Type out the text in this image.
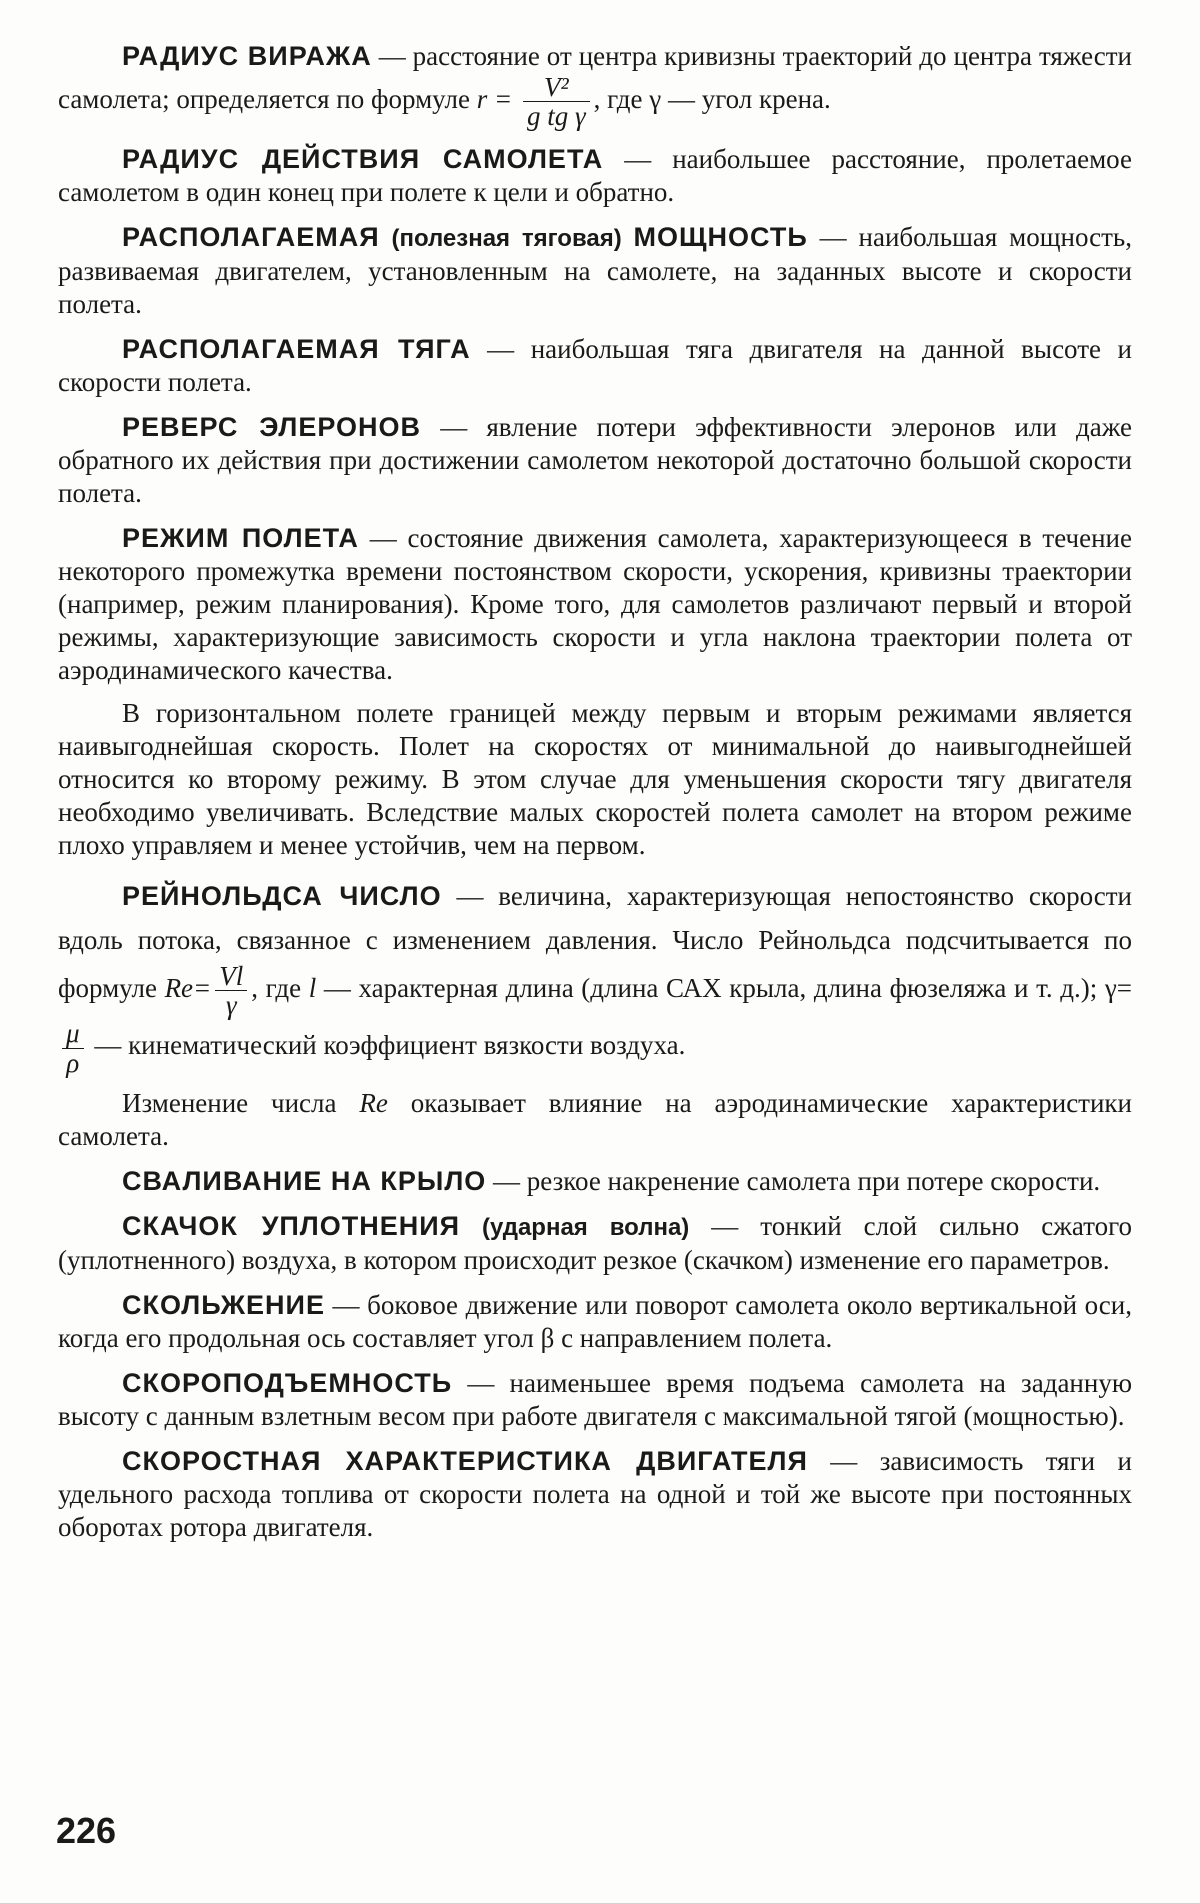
РАДИУС ВИРАЖА — расстояние от центра кривизны траекторий до центра тяжести самолета; определяется по формуле $r = \frac{\text{V²}}{\text{g tg γ}}$ , где γ — угол крена.

РАДИУС ДЕЙСТВИЯ САМОЛЕТА — наибольшее расстояние, пролетаемое самолетом в один конец при полете к цели и обратно.

РАСПОЛАГАЕМАЯ (полезная тяговая) МОЩНОСТЬ — наибольшая мощность, развиваемая двигателем, установленным на самолете, на заданных высоте и скорости полета.

РАСПОЛАГАЕМАЯ ТЯГА — наибольшая тяга двигателя на данной высоте и скорости полета.

РЕВЕРС ЭЛЕРОНОВ — явление потери эффективности элеронов или даже обратного их действия при достижении самолетом некоторой достаточно большой скорости полета.

РЕЖИМ ПОЛЕТА — состояние движения самолета, характеризующееся в течение некоторого промежутка времени постоянством скорости, ускорения, кривизны траектории (например, режим планирования). Кроме того, для самолетов различают первый и второй режимы, характеризующие зависимость скорости и угла наклона траектории полета от аэродинамического качества.

В горизонтальном полете границей между первым и вторым режимами является наивыгоднейшая скорость. Полет на скоростях от минимальной до наивыгоднейшей относится ко второму режиму. В этом случае для уменьшения скорости тягу двигателя необходимо увеличивать. Вследствие малых скоростей полета самолет на втором режиме плохо управляем и менее устойчив, чем на первом.

РЕЙНОЛЬДСА ЧИСЛО — величина, характеризующая непостоянство скорости вдоль потока, связанное с изменением давления. Число Рейнольдса подсчитывается по формуле $Re= \frac{Vl}{\gamma}$ , где l — характерная длина (длина САХ крыла, длина фюзеляжа и т. д.); γ=
$\frac{\mu}{\rho}$ — кинематический коэффициент вязкости воздуха.

Изменение числа Re оказывает влияние на аэродинамические характеристики самолета.

СВАЛИВАНИЕ НА КРЫЛО — резкое накренение самолета при потере скорости.

СКАЧОК УПЛОТНЕНИЯ (ударная волна) — тонкий слой сильно сжатого (уплотненного) воздуха, в котором происходит резкое (скачком) изменение его параметров.

СКОЛЬЖЕНИЕ — боковое движение или поворот самолета около вертикальной оси, когда его продольная ось составляет угол β с направлением полета.

СКОРОПОДЪЕМНОСТЬ — наименьшее время подъема самолета на заданную высоту с данным взлетным весом при работе двигателя с максимальной тягой (мощностью).

СКОРОСТНАЯ ХАРАКТЕРИСТИКА ДВИГАТЕЛЯ — зависимость тяги и удельного расхода топлива от скорости полета на одной и той же высоте при постоянных оборотах ротора двигателя.

226
